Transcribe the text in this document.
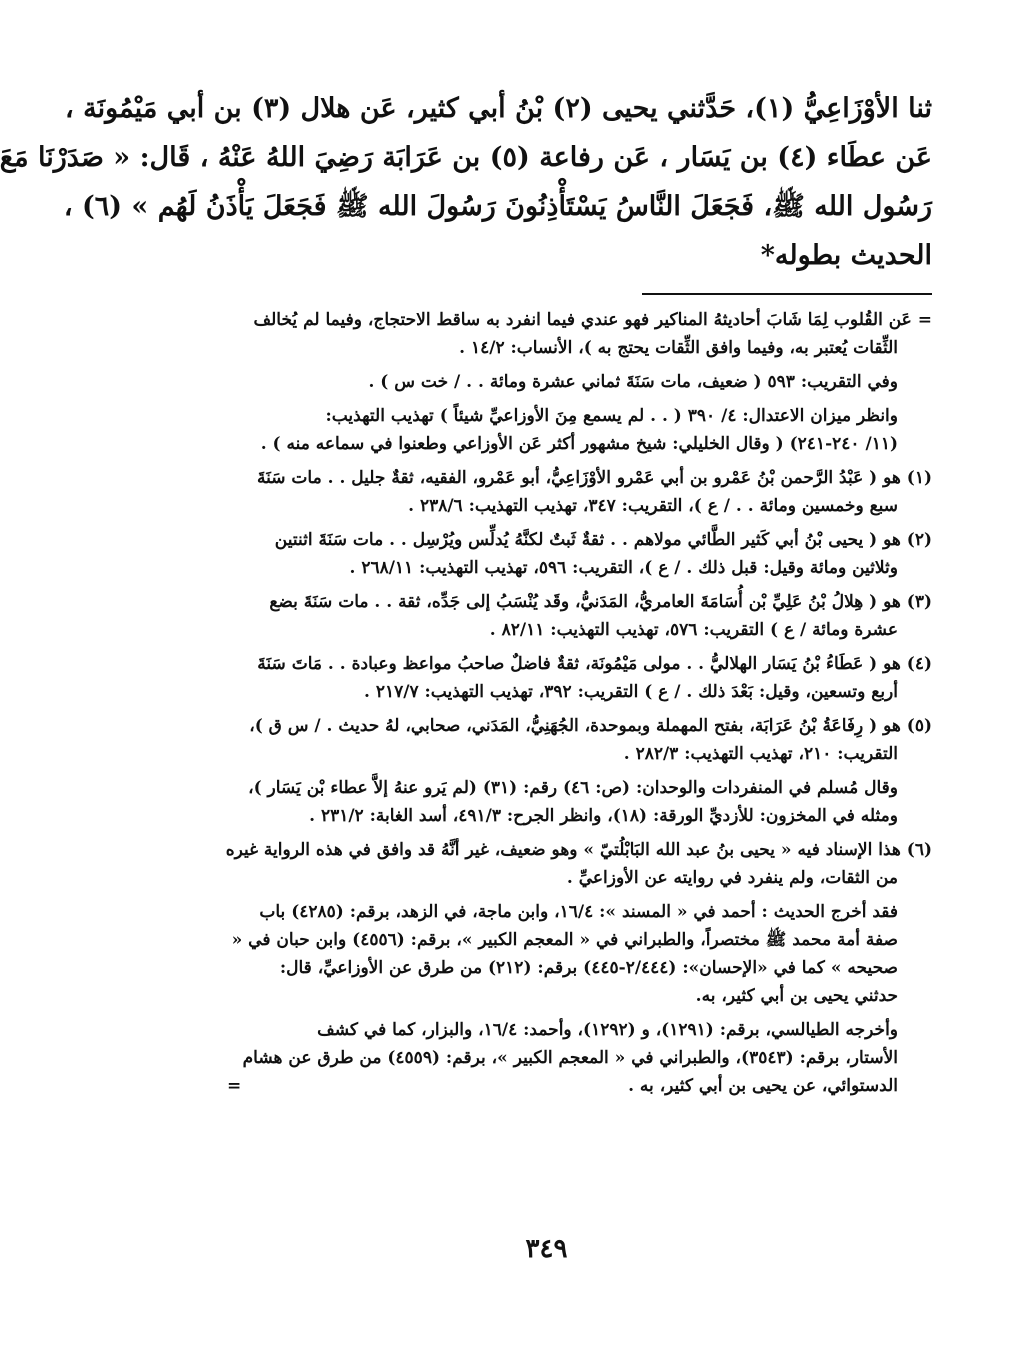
ثنا الأوْزَاعِيُّ (١)، حَدَّثني يحيى (٢) بْنُ أبي كثير، عَن هلال (٣) بن أبي مَيْمُونَة ،
عَن عطَاء (٤) بن يَسَار ، عَن رفاعة (٥) بن عَرَابَة رَضِيَ اللهُ عَنْهُ ، قَال: « صَدَرْنَا مَعَ
رَسُول الله ﷺ، فَجَعَلَ النَّاسُ يَسْتَأْذِنُونَ رَسُولَ الله ﷺ فَجَعَلَ يَأْذَنُ لَهُم » (٦) ،
الحديث بطوله*
= عَن القُلوب لِمَا شَابَ أحاديثهُ المناكير فهو عندي فيما انفرد به ساقط الاحتجاج، وفيما لم يُخالف
الثِّقات يُعتبر به، وفيما وافق الثِّقات يحتج به )، الأنساب: ١٤/٢ .
وفي التقريب: ٥٩٣ ( ضعيف، مات سَنَةَ ثماني عشرة ومائة . . / خت س ) .
وانظر ميزان الاعتدال: ٤/ ٣٩٠ ( . . لم يسمع مِنَ الأوزاعيِّ شيئاً ) تهذيب التهذيب:
(١١/ ٢٤٠-٢٤١) ( وقال الخليلي: شيخ مشهور أكثر عَن الأوزاعي وطعنوا في سماعه منه ) .
(١) هو ( عَبْدُ الرَّحمن بْنُ عَمْرو بن أبي عَمْرو الأوْزَاعِيُّ، أبو عَمْرو، الفقيه، ثقةٌ جليل . . مات سَنَةَ
سبع وخمسين ومائة . . / ع )، التقريب: ٣٤٧، تهذيب التهذيب: ٢٣٨/٦ .
(٢) هو ( يحيى بْنُ أبي كَثير الطَّائي مولاهم . . ثقةٌ ثَبتٌ لكنَّهُ يُدلِّس ويُرْسِل . . مات سَنَةَ اثنتين
وثلاثين ومائة وقيل: قبل ذلك . / ع )، التقريب: ٥٩٦، تهذيب التهذيب: ٢٦٨/١١ .
(٣) هو ( هِلالُ بْنُ عَلِيِّ بْن أُسَامَةَ العامريُّ، المَدَنيُّ، وقَد يُنْسَبُ إلى جَدِّه، ثقة . . مات سَنَةَ بضع
عشرة ومائة / ع ) التقريب: ٥٧٦، تهذيب التهذيب: ٨٢/١١ .
(٤) هو ( عَطَاءُ بْنُ يَسَار الهلاليُّ . . مولى مَيْمُونَة، ثقةٌ فاضلٌ صاحبُ مواعظ وعبادة . . مَاتَ سَنَةَ
أربع وتسعين، وقيل: بَعْدَ ذلك . / ع ) التقريب: ٣٩٢، تهذيب التهذيب: ٢١٧/٧ .
(٥) هو ( رِفَاعَةُ بْنُ عَرَابَة، بفتح المهملة وبموحدة، الجُهَنِيُّ، المَدَني، صحابي، لهُ حديث . / س ق )،
التقريب: ٢١٠، تهذيب التهذيب: ٢٨٢/٣ .
وقال مُسلم في المنفردات والوحدان: (ص: ٤٦) رقم: (٣١) (لم يَرو عنهُ إلاَّ عطاء بْن يَسَار )،
ومثله في المخزون: للأزديِّ الورقة: (١٨)، وانظر الجرح: ٤٩١/٣، أسد الغابة: ٢٣١/٢ .
(٦) هذا الإسناد فيه « يحيى بنُ عبد الله البَابْلُتيّ » وهو ضعيف، غير أنَّهُ قد وافق في هذه الرواية غيره
من الثقات، ولم ينفرد في روايته عن الأوزاعيِّ .
فقد أخرج الحديث : أحمد في « المسند »: ١٦/٤، وابن ماجة، في الزهد، برقم: (٤٢٨٥) باب
صفة أمة محمد ﷺ مختصراً، والطبراني في « المعجم الكبير »، برقم: (٤٥٥٦) وابن حبان في «
صحيحه » كما في «الإحسان»: (٢/٤٤٤-٤٤٥) برقم: (٢١٢) من طرق عن الأوزاعيِّ، قال:
حدثني يحيى بن أبي كثير، به.
وأخرجه الطيالسي، برقم: (١٢٩١)، و (١٢٩٢)، وأحمد: ١٦/٤، والبزار، كما في كشف
الأستار، برقم: (٣٥٤٣)، والطبراني في « المعجم الكبير »، برقم: (٤٥٥٩) من طرق عن هشام
الدستوائي، عن يحيى بن أبي كثير، به .
=
٣٤٩
